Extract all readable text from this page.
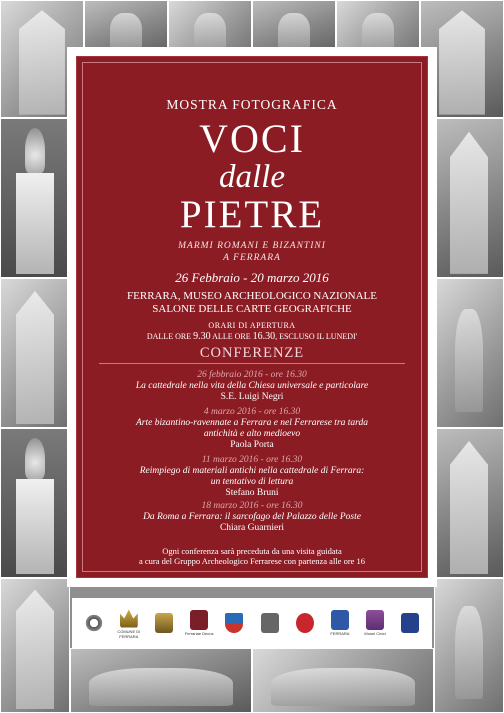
MOSTRA FOTOGRAFICA
VOCI
dalle
PIETRE
MARMI ROMANI E BIZANTINI
A FERRARA
26 Febbraio - 20 marzo 2016
FERRARA, MUSEO ARCHEOLOGICO NAZIONALE
SALONE DELLE CARTE GEOGRAFICHE
ORARI DI APERTURA
DALLE ORE 9.30 ALLE ORE 16.30, ESCLUSO IL LUNEDI'
CONFERENZE
26 febbraio 2016 - ore 16.30
La cattedrale nella vita della Chiesa universale e particolare
S.E. Luigi Negri
4 marzo 2016 - ore 16.30
Arte bizantino-ravennate a Ferrara e nel Ferrarese tra tarda
antichità e alto medioevo
Paola Porta
11 marzo 2016 - ore 16.30
Reimpiego di materiali antichi nella cattedrale di Ferrara:
un tentativo di lettura
Stefano Bruni
18 marzo 2016 - ore 16.30
Da Roma a Ferrara: il sarcofago del Palazzo delle Poste
Chiara Guarnieri
Ogni conferenza sarà preceduta da una visita guidata
a cura del Gruppo Archeologico Ferrarese con partenza alle ore 16
COMUNE DI FERRARA	Ferrariae Decus	FERRARA	Musei Civici
